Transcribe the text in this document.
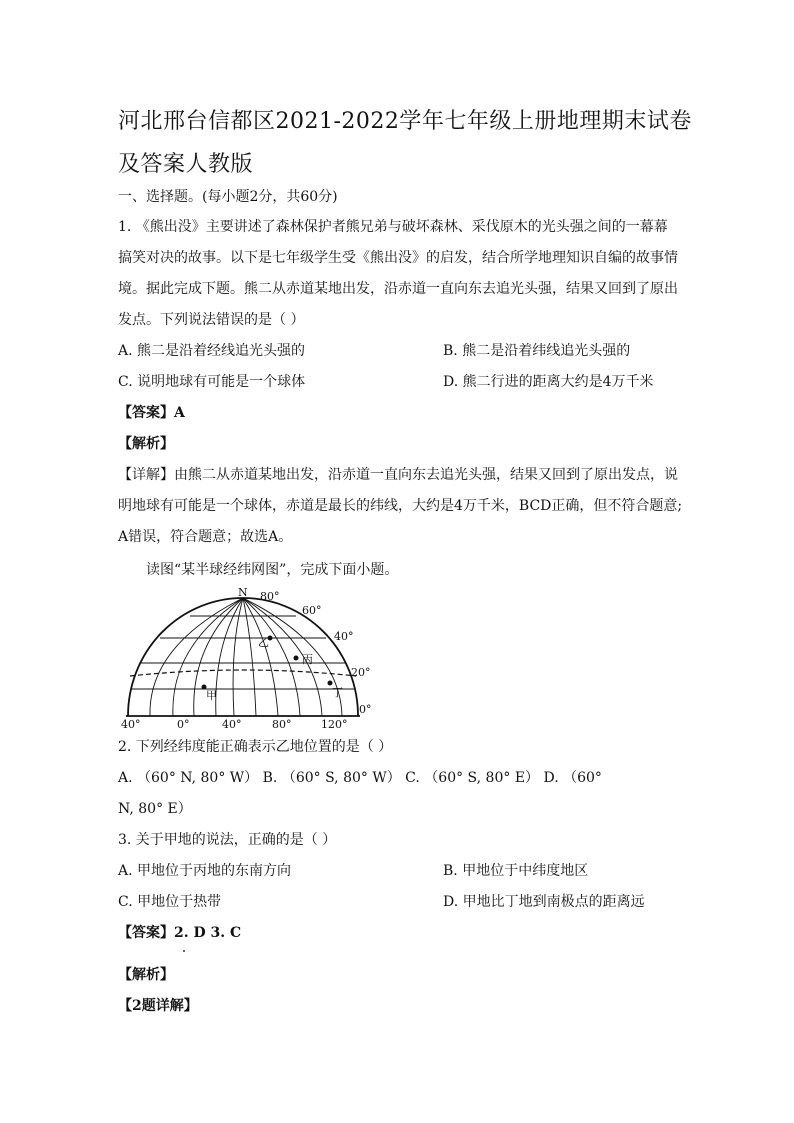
河北邢台信都区2021-2022学年七年级上册地理期末试卷及答案人教版
一、选择题。(每小题2分，共60分)
1. 《熊出没》主要讲述了森林保护者熊兄弟与破坏森林、采伐原木的光头强之间的一幕幕
搞笑对决的故事。以下是七年级学生受《熊出没》的启发，结合所学地理知识自编的故事情
境。据此完成下题。熊二从赤道某地出发，沿赤道一直向东去追光头强，结果又回到了原出
发点。下列说法错误的是（ ）
A. 熊二是沿着经线追光头强的	B. 熊二是沿着纬线追光头强的
C. 说明地球有可能是一个球体	D. 熊二行进的距离大约是4万千米
【答案】A
【解析】
【详解】由熊二从赤道某地出发，沿赤道一直向东去追光头强，结果又回到了原出发点，说
明地球有可能是一个球体，赤道是最长的纬线，大约是4万千米，BCD正确，但不符合题意;
A错误，符合题意；故选A。
读图“某半球经纬网图”，完成下面小题。
N 80°
60°
40°
20°
0°
40°	0°	40°	80°	120°
乙
丙
甲	丁
2. 下列经纬度能正确表示乙地位置的是（ ）
A. （60° N, 80° W） B. （60° S, 80° W） C. （60° S, 80° E） D. （60°
N, 80° E）
3. 关于甲地的说法，正确的是（ ）
A. 甲地位于丙地的东南方向	B. 甲地位于中纬度地区
C. 甲地位于热带	D. 甲地比丁地到南极点的距离远
【答案】2. D 3. C
【解析】
【2题详解】
